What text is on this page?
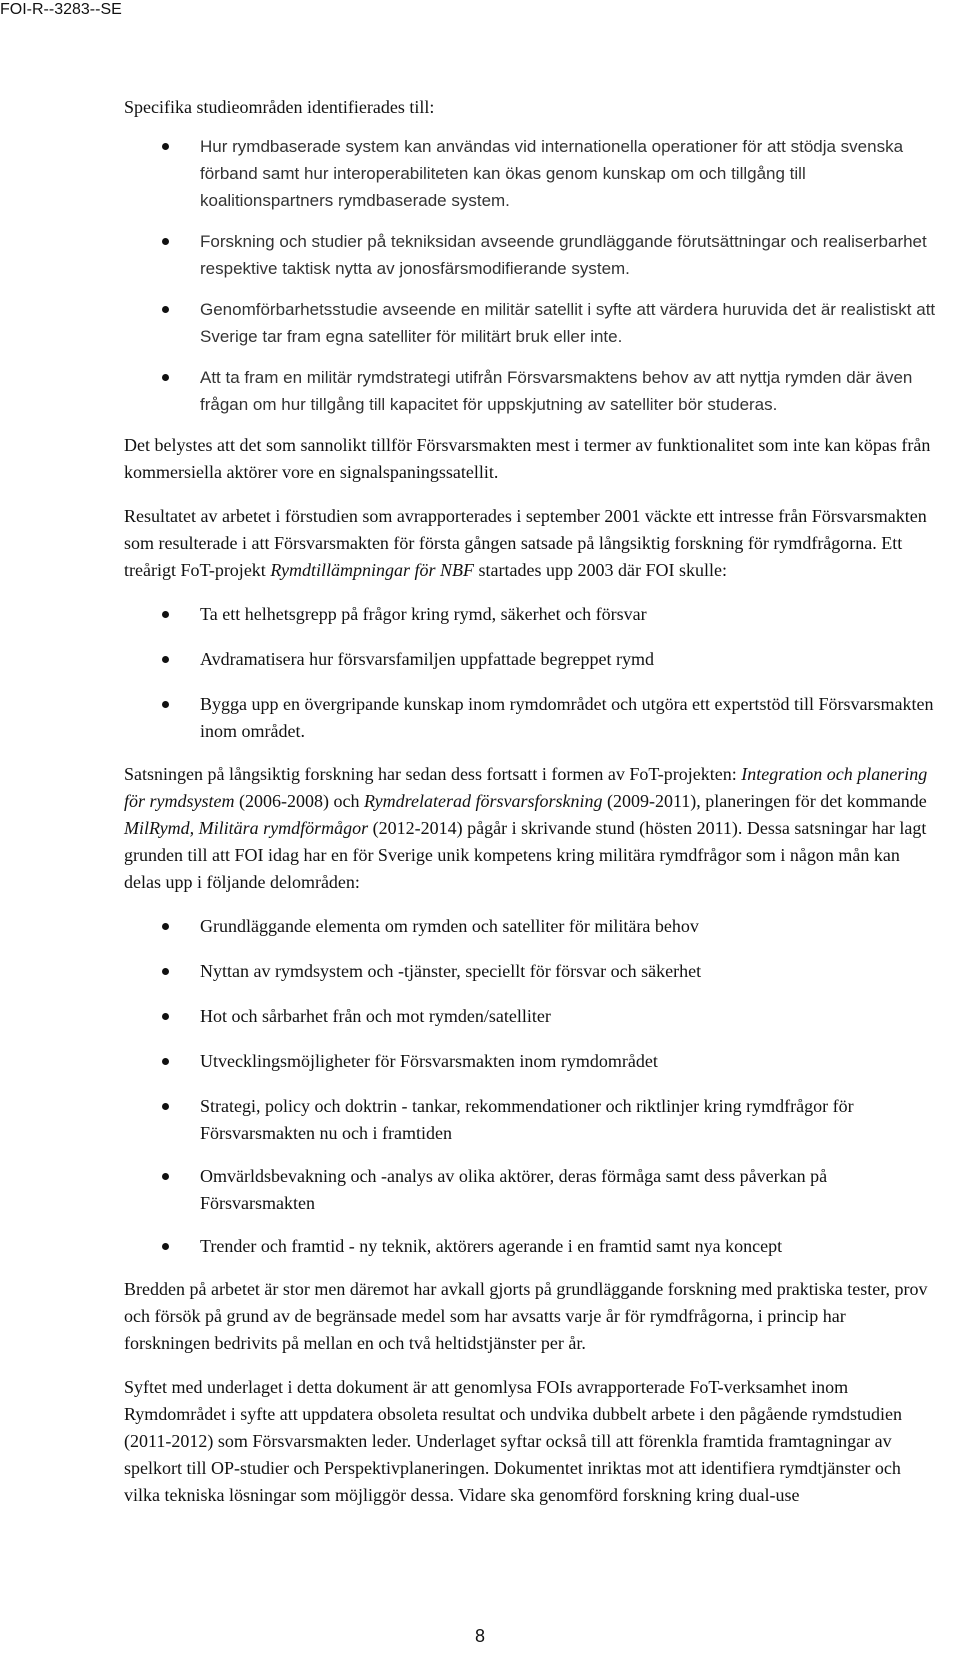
FOI-R--3283--SE

Specifika studieområden identifierades till:

Hur rymdbaserade system kan användas vid internationella operationer för att stödja svenska förband samt hur interoperabiliteten kan ökas genom kunskap om och tillgång till koalitionspartners rymdbaserade system.
Forskning och studier på tekniksidan avseende grundläggande förutsättningar och realiserbarhet respektive taktisk nytta av jonosfärsmodifierande system.
Genomförbarhetsstudie avseende en militär satellit i syfte att värdera huruvida det är realistiskt att Sverige tar fram egna satelliter för militärt bruk eller inte.
Att ta fram en militär rymdstrategi utifrån Försvarsmaktens behov av att nyttja rymden där även frågan om hur tillgång till kapacitet för uppskjutning av satelliter bör studeras.

Det belystes att det som sannolikt tillför Försvarsmakten mest i termer av funktionalitet som inte kan köpas från kommersiella aktörer vore en signalspaningssatellit.

Resultatet av arbetet i förstudien som avrapporterades i september 2001 väckte ett intresse från Försvarsmakten som resulterade i att Försvarsmakten för första gången satsade på långsiktig forskning för rymdfrågorna. Ett treårigt FoT-projekt Rymdtillämpningar för NBF startades upp 2003 där FOI skulle:

Ta ett helhetsgrepp på frågor kring rymd, säkerhet och försvar
Avdramatisera hur försvarsfamiljen uppfattade begreppet rymd
Bygga upp en övergripande kunskap inom rymdområdet och utgöra ett expertstöd till Försvarsmakten inom området.

Satsningen på långsiktig forskning har sedan dess fortsatt i formen av FoT-projekten: Integration och planering för rymdsystem (2006-2008) och Rymdrelaterad försvarsforskning (2009-2011), planeringen för det kommande MilRymd, Militära rymdförmågor (2012-2014) pågår i skrivande stund (hösten 2011). Dessa satsningar har lagt grunden till att FOI idag har en för Sverige unik kompetens kring militära rymdfrågor som i någon mån kan delas upp i följande delområden:

Grundläggande elementa om rymden och satelliter för militära behov
Nyttan av rymdsystem och -tjänster, speciellt för försvar och säkerhet
Hot och sårbarhet från och mot rymden/satelliter
Utvecklingsmöjligheter för Försvarsmakten inom rymdområdet
Strategi, policy och doktrin - tankar, rekommendationer och riktlinjer kring rymdfrågor för Försvarsmakten nu och i framtiden
Omvärldsbevakning och -analys av olika aktörer, deras förmåga samt dess påverkan på Försvarsmakten
Trender och framtid - ny teknik, aktörers agerande i en framtid samt nya koncept

Bredden på arbetet är stor men däremot har avkall gjorts på grundläggande forskning med praktiska tester, prov och försök på grund av de begränsade medel som har avsatts varje år för rymdfrågorna, i princip har forskningen bedrivits på mellan en och två heltidstjänster per år.

Syftet med underlaget i detta dokument är att genomlysa FOIs avrapporterade FoT-verksamhet inom Rymdområdet i syfte att uppdatera obsoleta resultat och undvika dubbelt arbete i den pågående rymdstudien (2011-2012) som Försvarsmakten leder. Underlaget syftar också till att förenkla framtida framtagningar av spelkort till OP-studier och Perspektivplaneringen. Dokumentet inriktas mot att identifiera rymdtjänster och vilka tekniska lösningar som möjliggör dessa. Vidare ska genomförd forskning kring dual-use

8
